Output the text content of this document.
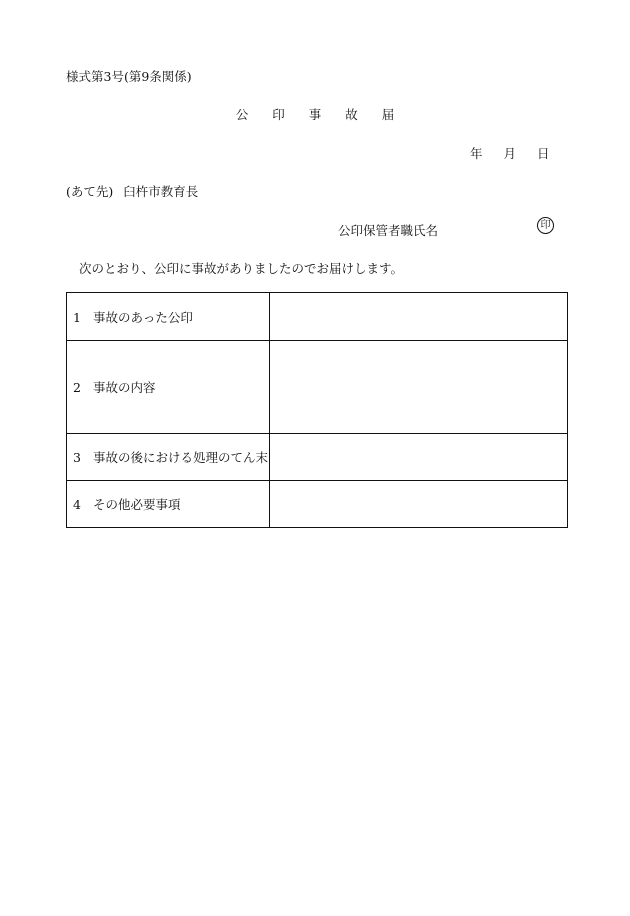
様式第3号(第9条関係)
公 印 事 故 届
年 月 日
(あて先) 臼杵市教育長
公印保管者職氏名	印
次のとおり、公印に事故がありましたのでお届けします。
1 事故のあった公印	
2 事故の内容	
3 事故の後における処理のてん末	
4 その他必要事項	
